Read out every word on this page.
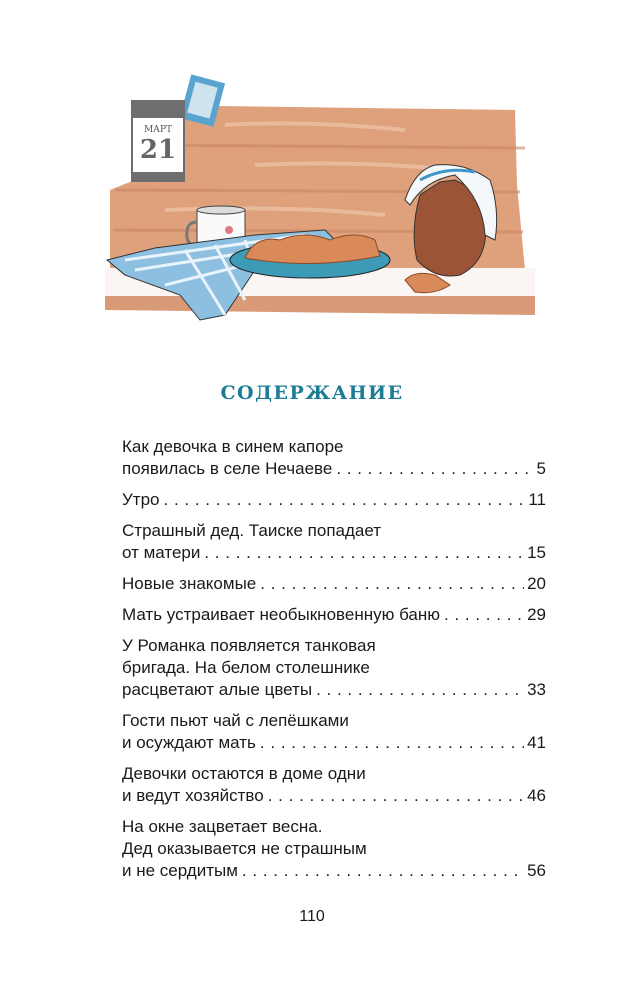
МАРТ
21
СОДЕРЖАНИЕ
Как девочка в синем капоре
появилась в селе Нечаеве . . .	5
Утро . . .	11
Страшный дед. Таиске попадает
от матери . . .	15
Новые знакомые . . .	20
Мать устраивает необыкновенную баню . . .	29
У Романка появляется танковая
бригада. На белом столешнике
расцветают алые цветы . . .	33
Гости пьют чай с лепёшками
и осуждают мать . . .	41
Девочки остаются в доме одни
и ведут хозяйство . . .	46
На окне зацветает весна.
Дед оказывается не страшным
и не сердитым . . .	56
110
